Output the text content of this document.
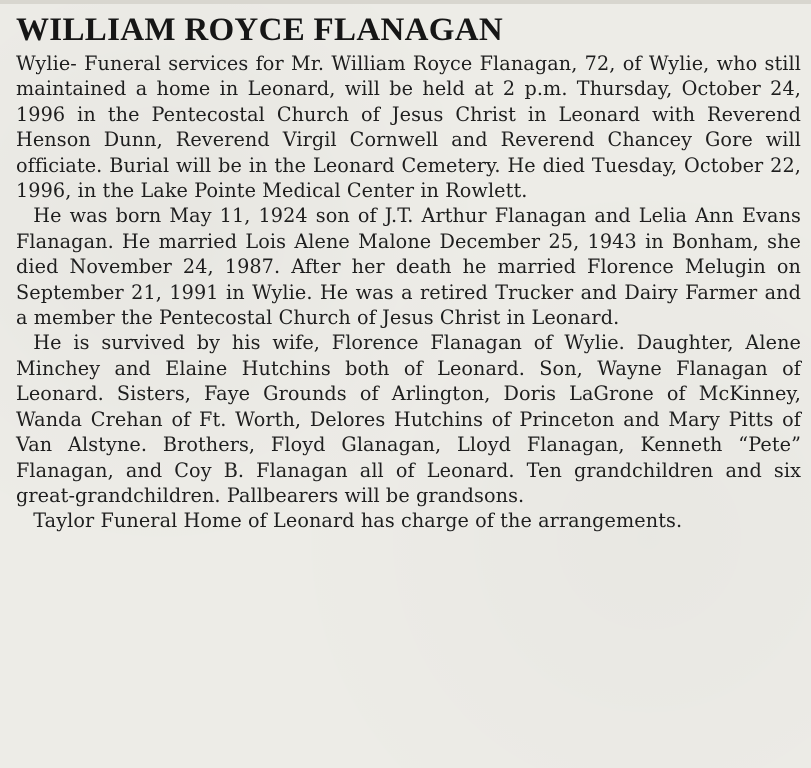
WILLIAM ROYCE FLANAGAN

Wylie- Funeral services for Mr. William Royce Flanagan, 72, of Wylie, who still maintained a home in Leonard, will be held at 2 p.m. Thursday, October 24, 1996 in the Pentecostal Church of Jesus Christ in Leonard with Reverend Henson Dunn, Reverend Virgil Cornwell and Reverend Chancey Gore will officiate. Burial will be in the Leonard Cemetery. He died Tuesday, October 22, 1996, in the Lake Pointe Medical Center in Rowlett.

He was born May 11, 1924 son of J.T. Arthur Flanagan and Lelia Ann Evans Flanagan. He married Lois Alene Malone December 25, 1943 in Bonham, she died November 24, 1987. After her death he married Florence Melugin on September 21, 1991 in Wylie. He was a retired Trucker and Dairy Farmer and a member the Pentecostal Church of Jesus Christ in Leonard.

He is survived by his wife, Florence Flanagan of Wylie. Daughter, Alene Minchey and Elaine Hutchins both of Leonard. Son, Wayne Flanagan of Leonard. Sisters, Faye Grounds of Arlington, Doris LaGrone of McKinney, Wanda Crehan of Ft. Worth, Delores Hutchins of Princeton and Mary Pitts of Van Alstyne. Brothers, Floyd Glanagan, Lloyd Flanagan, Kenneth “Pete” Flanagan, and Coy B. Flanagan all of Leonard. Ten grandchildren and six great-grandchildren. Pallbearers will be grandsons.

Taylor Funeral Home of Leonard has charge of the arrangements.
